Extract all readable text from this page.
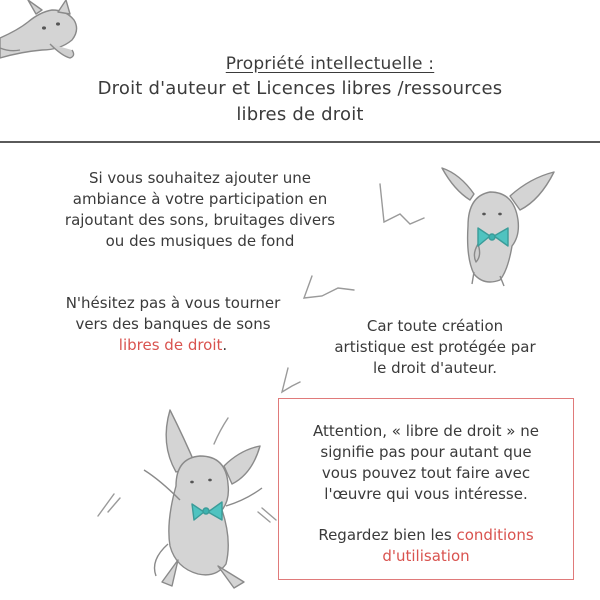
Propriété intellectuelle :
Droit d'auteur et Licences libres /ressources
libres de droit
Si vous souhaitez ajouter une
ambiance à votre participation en
rajoutant des sons, bruitages divers
ou des musiques de fond
N'hésitez pas à vous tourner
vers des banques de sons
libres de droit.
Car toute création
artistique est protégée par
le droit d'auteur.
Attention, « libre de droit » ne
signifie pas pour autant que
vous pouvez tout faire avec
l'œuvre qui vous intéresse.
Regardez bien les conditions
d'utilisation
